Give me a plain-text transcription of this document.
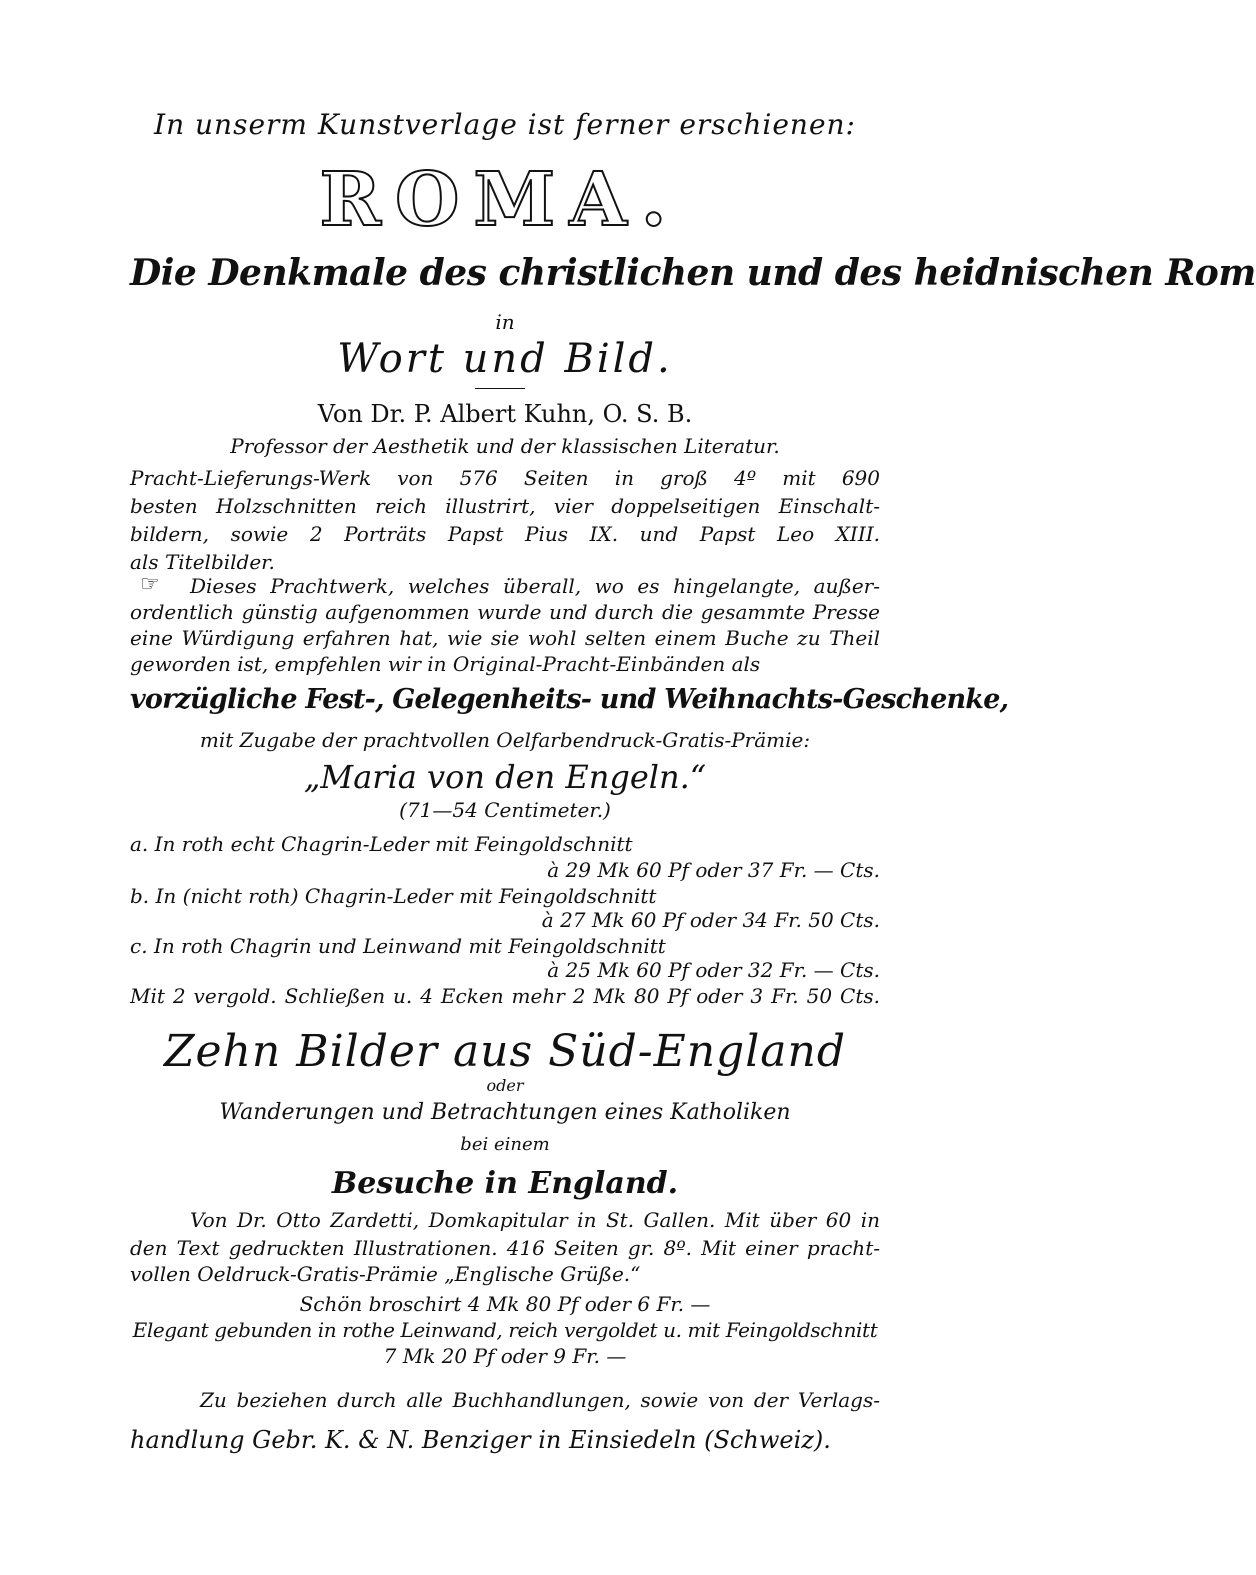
In unserm Kunstverlage ist ferner erschienen:
ROMA.
Die Denkmale des christlichen und des heidnischen Rom
in
Wort und Bild.
Von Dr. P. Albert Kuhn, O. S. B.
Professor der Aesthetik und der klassischen Literatur.
Pracht-Lieferungs-Werk von 576 Seiten in groß 4º mit 690
besten Holzschnitten reich illustrirt, vier doppelseitigen Einschalt-
bildern, sowie 2 Porträts Papst Pius IX. und Papst Leo XIII.
als Titelbilder.
Dieses Prachtwerk, welches überall, wo es hingelangte, außer-
☞
ordentlich günstig aufgenommen wurde und durch die gesammte Presse
eine Würdigung erfahren hat, wie sie wohl selten einem Buche zu Theil
geworden ist, empfehlen wir in Original-Pracht-Einbänden als
vorzügliche Fest-, Gelegenheits- und Weihnachts-Geschenke,
mit Zugabe der prachtvollen Oelfarbendruck-Gratis-Prämie:
„Maria von den Engeln.“
(71—54 Centimeter.)
a. In roth echt Chagrin-Leder mit Feingoldschnitt
à 29 Mk 60 Pf oder 37 Fr. — Cts.
b. In (nicht roth) Chagrin-Leder mit Feingoldschnitt
à 27 Mk 60 Pf oder 34 Fr. 50 Cts.
c. In roth Chagrin und Leinwand mit Feingoldschnitt
à 25 Mk 60 Pf oder 32 Fr. — Cts.
Mit 2 vergold. Schließen u. 4 Ecken mehr 2 Mk 80 Pf oder 3 Fr. 50 Cts.
Zehn Bilder aus Süd-England
oder
Wanderungen und Betrachtungen eines Katholiken
bei einem
Besuche in England.
Von Dr. Otto Zardetti, Domkapitular in St. Gallen. Mit über 60 in
den Text gedruckten Illustrationen. 416 Seiten gr. 8º. Mit einer pracht-
vollen Oeldruck-Gratis-Prämie „Englische Grüße.“
Schön broschirt 4 Mk 80 Pf oder 6 Fr. —
Elegant gebunden in rothe Leinwand, reich vergoldet u. mit Feingoldschnitt
7 Mk 20 Pf oder 9 Fr. —
Zu beziehen durch alle Buchhandlungen, sowie von der Verlags-
handlung Gebr. K. & N. Benziger in Einsiedeln (Schweiz).
